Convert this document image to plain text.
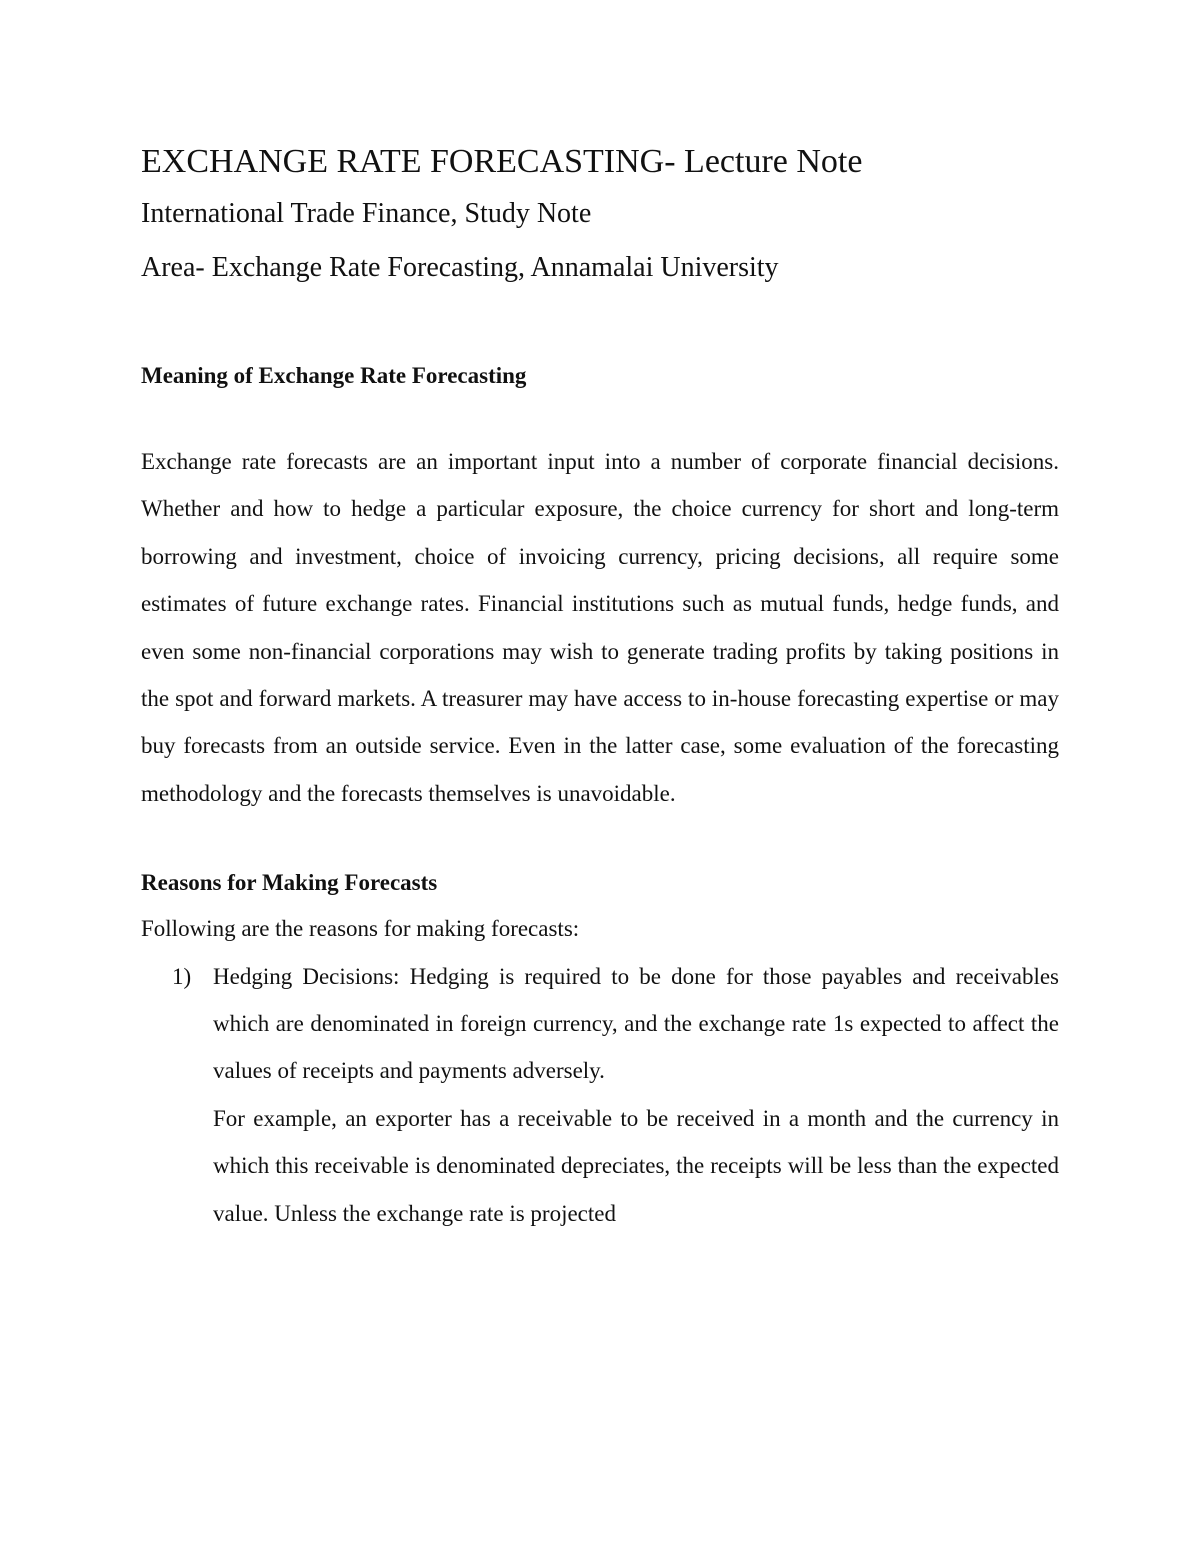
EXCHANGE RATE FORECASTING- Lecture Note

International Trade Finance, Study Note

Area- Exchange Rate Forecasting, Annamalai University

Meaning of Exchange Rate Forecasting

Exchange rate forecasts are an important input into a number of corporate financial decisions. Whether and how to hedge a particular exposure, the choice currency for short and long-term borrowing and investment, choice of invoicing currency, pricing decisions, all require some estimates of future exchange rates. Financial institutions such as mutual funds, hedge funds, and even some non-financial corporations may wish to generate trading profits by taking positions in the spot and forward markets. A treasurer may have access to in-house forecasting expertise or may buy forecasts from an outside service. Even in the latter case, some evaluation of the forecasting methodology and the forecasts themselves is unavoidable.

Reasons for Making Forecasts

Following are the reasons for making forecasts:

1) Hedging Decisions: Hedging is required to be done for those payables and receivables which are denominated in foreign currency, and the exchange rate 1s expected to affect the values of receipts and payments adversely.

For example, an exporter has a receivable to be received in a month and the currency in which this receivable is denominated depreciates, the receipts will be less than the expected value. Unless the exchange rate is projected
